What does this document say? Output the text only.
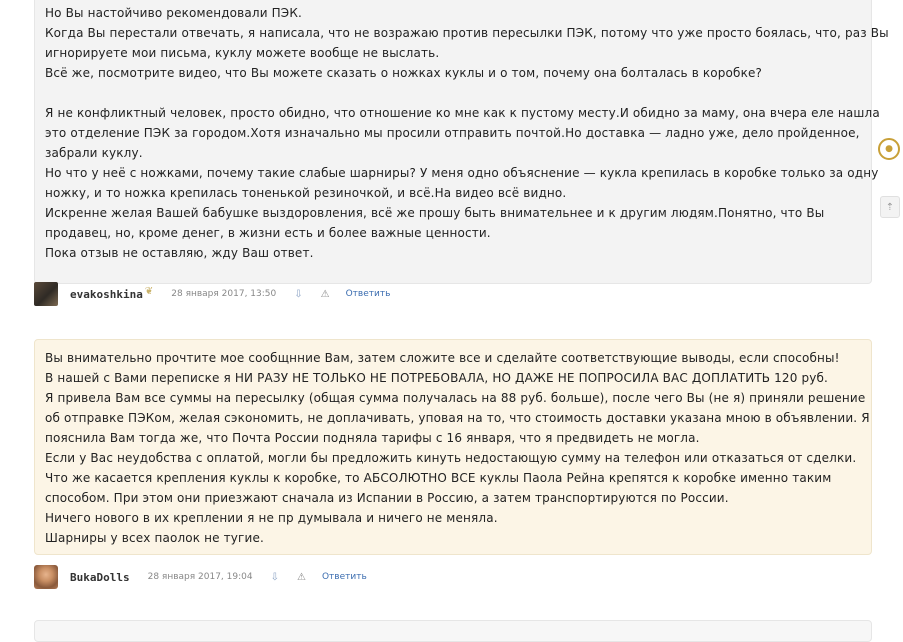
Но Вы настойчиво рекомендовали ПЭК.
Когда Вы перестали отвечать, я написала, что не возражаю против пересылки ПЭК, потому что уже просто боялась, что, раз Вы
игнорируете мои письма, куклу можете вообще не выслать.
Всё же, посмотрите видео, что Вы можете сказать о ножках куклы и о том, почему она болталась в коробке?
Я не конфликтный человек, просто обидно, что отношение ко мне как к пустому месту.И обидно за маму, она вчера еле нашла
это отделение ПЭК за городом.Хотя изначально мы просили отправить почтой.Но доставка — ладно уже, дело пройденное,
забрали куклу.
Но что у неё с ножками, почему такие слабые шарниры? У меня одно объяснение — кукла крепилась в коробке только за одну
ножку, и то ножка крепилась тоненькой резиночкой, и всё.На видео всё видно.
Искренне желая Вашей бабушке выздоровления, всё же прошу быть внимательнее и к другим людям.Понятно, что Вы
продавец, но, кроме денег, в жизни есть и более важные ценности.
Пока отзыв не оставляю, жду Ваш ответ.
evakoshkina ❦ 28 января 2017, 13:50 ⇩ ⚠ Ответить
Вы внимательно прочтите мое сообщнние Вам, затем сложите все и сделайте соответствующие выводы, если способны!
В нашей с Вами переписке я НИ РАЗУ НЕ ТОЛЬКО НЕ ПОТРЕБОВАЛА, НО ДАЖЕ НЕ ПОПРОСИЛА ВАС ДОПЛАТИТЬ 120 руб.
Я привела Вам все суммы на пересылку (общая сумма получалась на 88 руб. больше), после чего Вы (не я) приняли решение
об отправке ПЭКом, желая сэкономить, не доплачивать, уповая на то, что стоимость доставки указана мною в объявлении. Я
пояснила Вам тогда же, что Почта России подняла тарифы с 16 января, что я предвидеть не могла.
Если у Вас неудобства с оплатой, могли бы предложить кинуть недостающую сумму на телефон или отказаться от сделки.
Что же касается крепления куклы к коробке, то АБСОЛЮТНО ВСЕ куклы Паола Рейна крепятся к коробке именно таким
способом. При этом они приезжают сначала из Испании в Россию, а затем транспортируются по России.
Ничего нового в их креплении я не пр думывала и ничего не меняла.
Шарниры у всех паолок не тугие.
BukaDolls 28 января 2017, 19:04 ⇩ ⚠ Ответить
●
⇡
